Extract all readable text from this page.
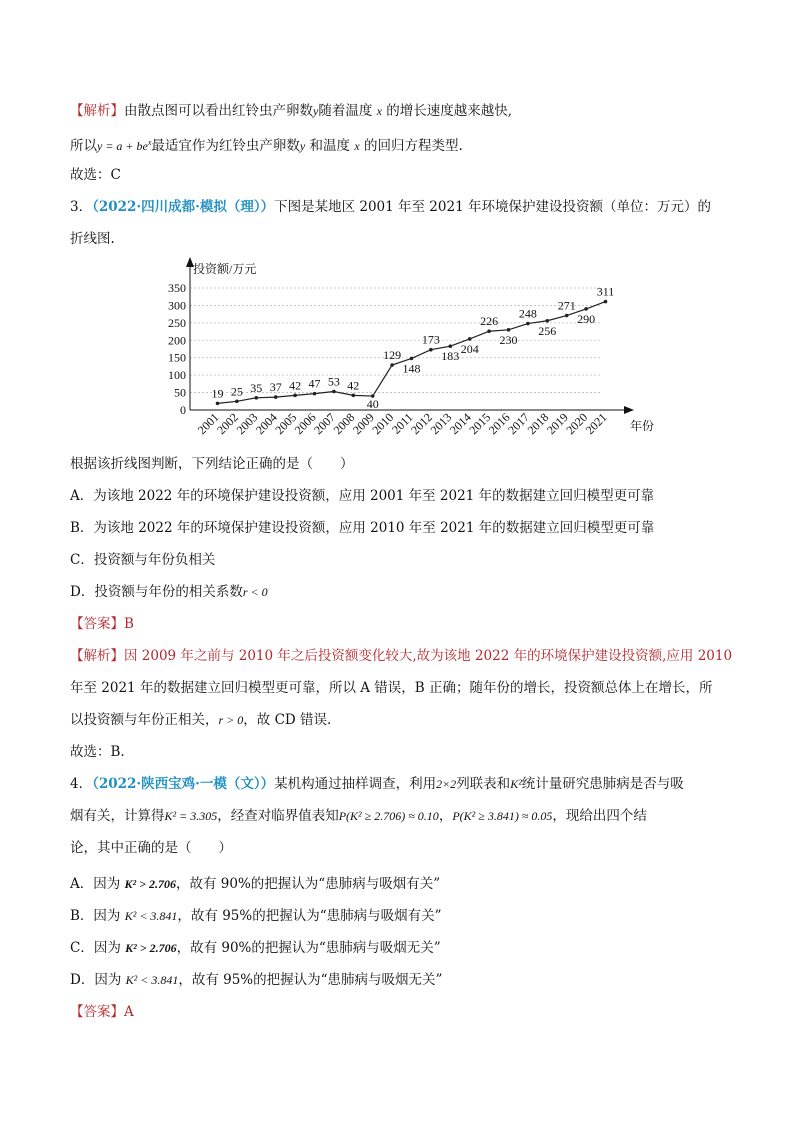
【解析】由散点图可以看出红铃虫产卵数y随着温度 x 的增长速度越来越快,
所以$y = a + be^x$最适宜作为红铃虫产卵数y 和温度 x 的回归方程类型.
故选：C
3．（2022·四川成都·模拟（理））下图是某地区 2001 年至 2021 年环境保护建设投资额（单位：万元）的
折线图.
0
50
100
150
200
250
300
350
投资额/万元
年份
19 25 35 37 42 47 53 42
40
129
148
173
183
204
226
230
248
256
271
290
311
2001
2002
2003
2004
2005
2006
2007
2008
2009
2010
2011
2012
2013
2014
2015
2016
2017
2018
2019
2020
2021
根据该折线图判断，下列结论正确的是（　　）
A．为该地 2022 年的环境保护建设投资额，应用 2001 年至 2021 年的数据建立回归模型更可靠
B．为该地 2022 年的环境保护建设投资额，应用 2010 年至 2021 年的数据建立回归模型更可靠
C．投资额与年份负相关
D．投资额与年份的相关系数r < 0
【答案】B
【解析】因 2009 年之前与 2010 年之后投资额变化较大,故为该地 2022 年的环境保护建设投资额,应用 2010
年至 2021 年的数据建立回归模型更可靠，所以 A 错误，B 正确；随年份的增长，投资额总体上在增长，所
以投资额与年份正相关，r > 0，故 CD 错误.
故选：B.
4．（2022·陕西宝鸡·一模（文））某机构通过抽样调查，利用2×2列联表和K²统计量研究患肺病是否与吸
烟有关，计算得K² = 3.305，经查对临界值表知P(K² ≥ 2.706) ≈ 0.10，P(K² ≥ 3.841) ≈ 0.05，现给出四个结
论，其中正确的是（　　）
A．因为 K² > 2.706，故有 90%的把握认为“患肺病与吸烟有关”
B．因为 K² < 3.841，故有 95%的把握认为“患肺病与吸烟有关”
C．因为 K² > 2.706，故有 90%的把握认为“患肺病与吸烟无关”
D．因为 K² < 3.841，故有 95%的把握认为“患肺病与吸烟无关”
【答案】A
